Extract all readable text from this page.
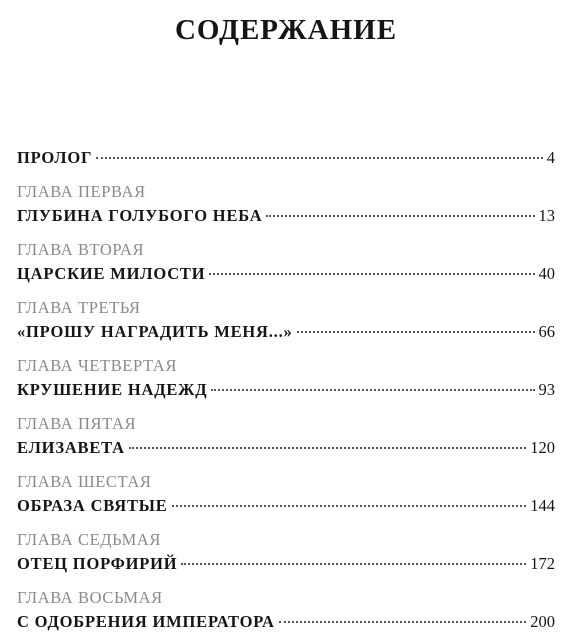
СОДЕРЖАНИЕ
ПРОЛОГ	4
ГЛАВА ПЕРВАЯ
ГЛУБИНА ГОЛУБОГО НЕБА	13
ГЛАВА ВТОРАЯ
ЦАРСКИЕ МИЛОСТИ	40
ГЛАВА ТРЕТЬЯ
«ПРОШУ НАГРАДИТЬ МЕНЯ...»	66
ГЛАВА ЧЕТВЕРТАЯ
КРУШЕНИЕ НАДЕЖД	93
ГЛАВА ПЯТАЯ
ЕЛИЗАВЕТА	120
ГЛАВА ШЕСТАЯ
ОБРАЗА СВЯТЫЕ	144
ГЛАВА СЕДЬМАЯ
ОТЕЦ ПОРФИРИЙ	172
ГЛАВА ВОСЬМАЯ
С ОДОБРЕНИЯ ИМПЕРАТОРА	200
